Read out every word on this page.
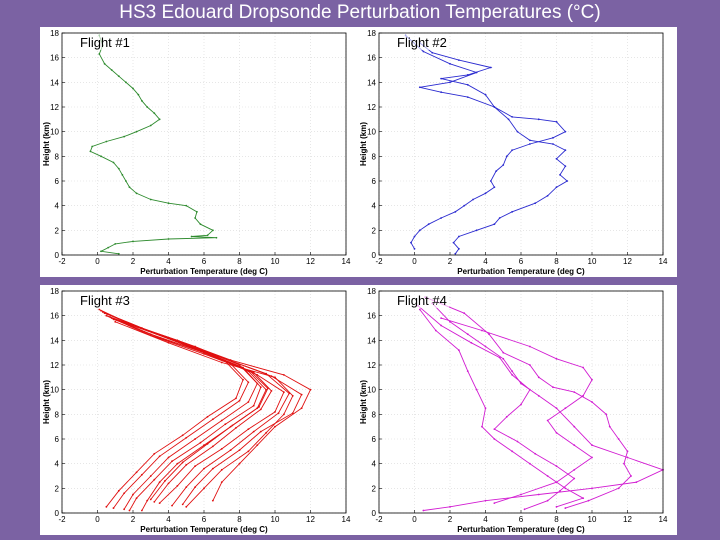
HS3 Edouard Dropsonde Perturbation Temperatures (°C)
-2	0	2	4	6	8	10	12	14
0
2
4
6
8
10
12
14
16
18
Perturbation Temperature (deg C)
Height (km)
Flight #1
-2	0	2	4	6	8	10	12	14
0
2
4
6
8
10
12
14
16
18
Perturbation Temperature (deg C)
Height (km)
Flight #2
-2	0	2	4	6	8	10	12	14
0
2
4
6
8
10
12
14
16
18
Perturbation Temperature (deg C)
Height (km)
Flight #3
-2	0	2	4	6	8	10	12	14
0
2
4
6
8
10
12
14
16
18
Perturbation Temperature (deg C)
Height (km)
Flight #4
